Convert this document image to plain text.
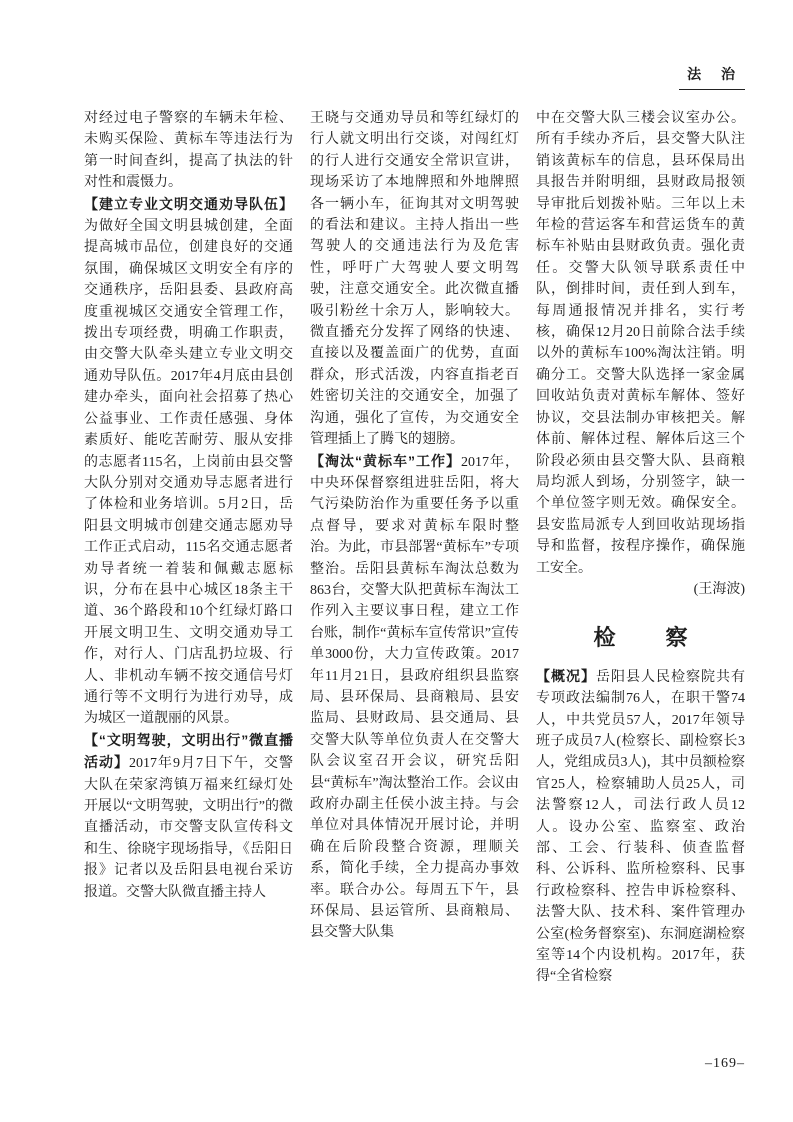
法 治

对经过电子警察的车辆未年检、未购买保险、黄标车等违法行为第一时间查纠，提高了执法的针对性和震慑力。

【建立专业文明交通劝导队伍】为做好全国文明县城创建，全面提高城市品位，创建良好的交通氛围，确保城区文明安全有序的交通秩序，岳阳县委、县政府高度重视城区交通安全管理工作，拨出专项经费，明确工作职责，由交警大队牵头建立专业文明交通劝导队伍。2017年4月底由县创建办牵头，面向社会招募了热心公益事业、工作责任感强、身体素质好、能吃苦耐劳、服从安排的志愿者115名，上岗前由县交警大队分别对交通劝导志愿者进行了体检和业务培训。5月2日，岳阳县文明城市创建交通志愿劝导工作正式启动，115名交通志愿者劝导者统一着装和佩戴志愿标识，分布在县中心城区18条主干道、36个路段和10个红绿灯路口开展文明卫生、文明交通劝导工作，对行人、门店乱扔垃圾、行人、非机动车辆不按交通信号灯通行等不文明行为进行劝导，成为城区一道靓丽的风景。

【“文明驾驶，文明出行”微直播活动】2017年9月7日下午，交警大队在荣家湾镇万福来红绿灯处开展以“文明驾驶，文明出行”的微直播活动，市交警支队宣传科文和生、徐晓宇现场指导，《岳阳日报》记者以及岳阳县电视台采访报道。交警大队微直播主持人

王晓与交通劝导员和等红绿灯的行人就文明出行交谈，对闯红灯的行人进行交通安全常识宣讲，现场采访了本地牌照和外地牌照各一辆小车，征询其对文明驾驶的看法和建议。主持人指出一些驾驶人的交通违法行为及危害性，呼吁广大驾驶人要文明驾驶，注意交通安全。此次微直播吸引粉丝十余万人，影响较大。微直播充分发挥了网络的快速、直接以及覆盖面广的优势，直面群众，形式活泼，内容直指老百姓密切关注的交通安全，加强了沟通，强化了宣传，为交通安全管理插上了腾飞的翅膀。

【淘汰“黄标车”工作】2017年，中央环保督察组进驻岳阳，将大气污染防治作为重要任务予以重点督导，要求对黄标车限时整治。为此，市县部署“黄标车”专项整治。岳阳县黄标车淘汰总数为863台，交警大队把黄标车淘汰工作列入主要议事日程，建立工作台账，制作“黄标车宣传常识”宣传单3000份，大力宣传政策。2017年11月21日，县政府组织县监察局、县环保局、县商粮局、县安监局、县财政局、县交通局、县交警大队等单位负责人在交警大队会议室召开会议，研究岳阳县“黄标车”淘汰整治工作。会议由政府办副主任侯小波主持。与会单位对具体情况开展讨论，并明确在后阶段整合资源，理顺关系，简化手续，全力提高办事效率。联合办公。每周五下午，县环保局、县运管所、县商粮局、县交警大队集

中在交警大队三楼会议室办公。所有手续办齐后，县交警大队注销该黄标车的信息，县环保局出具报告并附明细，县财政局报领导审批后划拨补贴。三年以上未年检的营运客车和营运货车的黄标车补贴由县财政负责。强化责任。交警大队领导联系责任中队，倒排时间，责任到人到车，每周通报情况并排名，实行考核，确保12月20日前除合法手续以外的黄标车100%淘汰注销。明确分工。交警大队选择一家金属回收站负责对黄标车解体、签好协议，交县法制办审核把关。解体前、解体过程、解体后这三个阶段必须由县交警大队、县商粮局均派人到场，分别签字，缺一个单位签字则无效。确保安全。县安监局派专人到回收站现场指导和监督，按程序操作，确保施工安全。

(王海波)

检　察

【概况】岳阳县人民检察院共有专项政法编制76人，在职干警74人，中共党员57人，2017年领导班子成员7人(检察长、副检察长3人，党组成员3人)，其中员额检察官25人，检察辅助人员25人，司法警察12人，司法行政人员12人。设办公室、监察室、政治部、工会、行装科、侦查监督科、公诉科、监所检察科、民事行政检察科、控告申诉检察科、法警大队、技术科、案件管理办公室(检务督察室)、东洞庭湖检察室等14个内设机构。2017年，获得“全省检察

–169–
